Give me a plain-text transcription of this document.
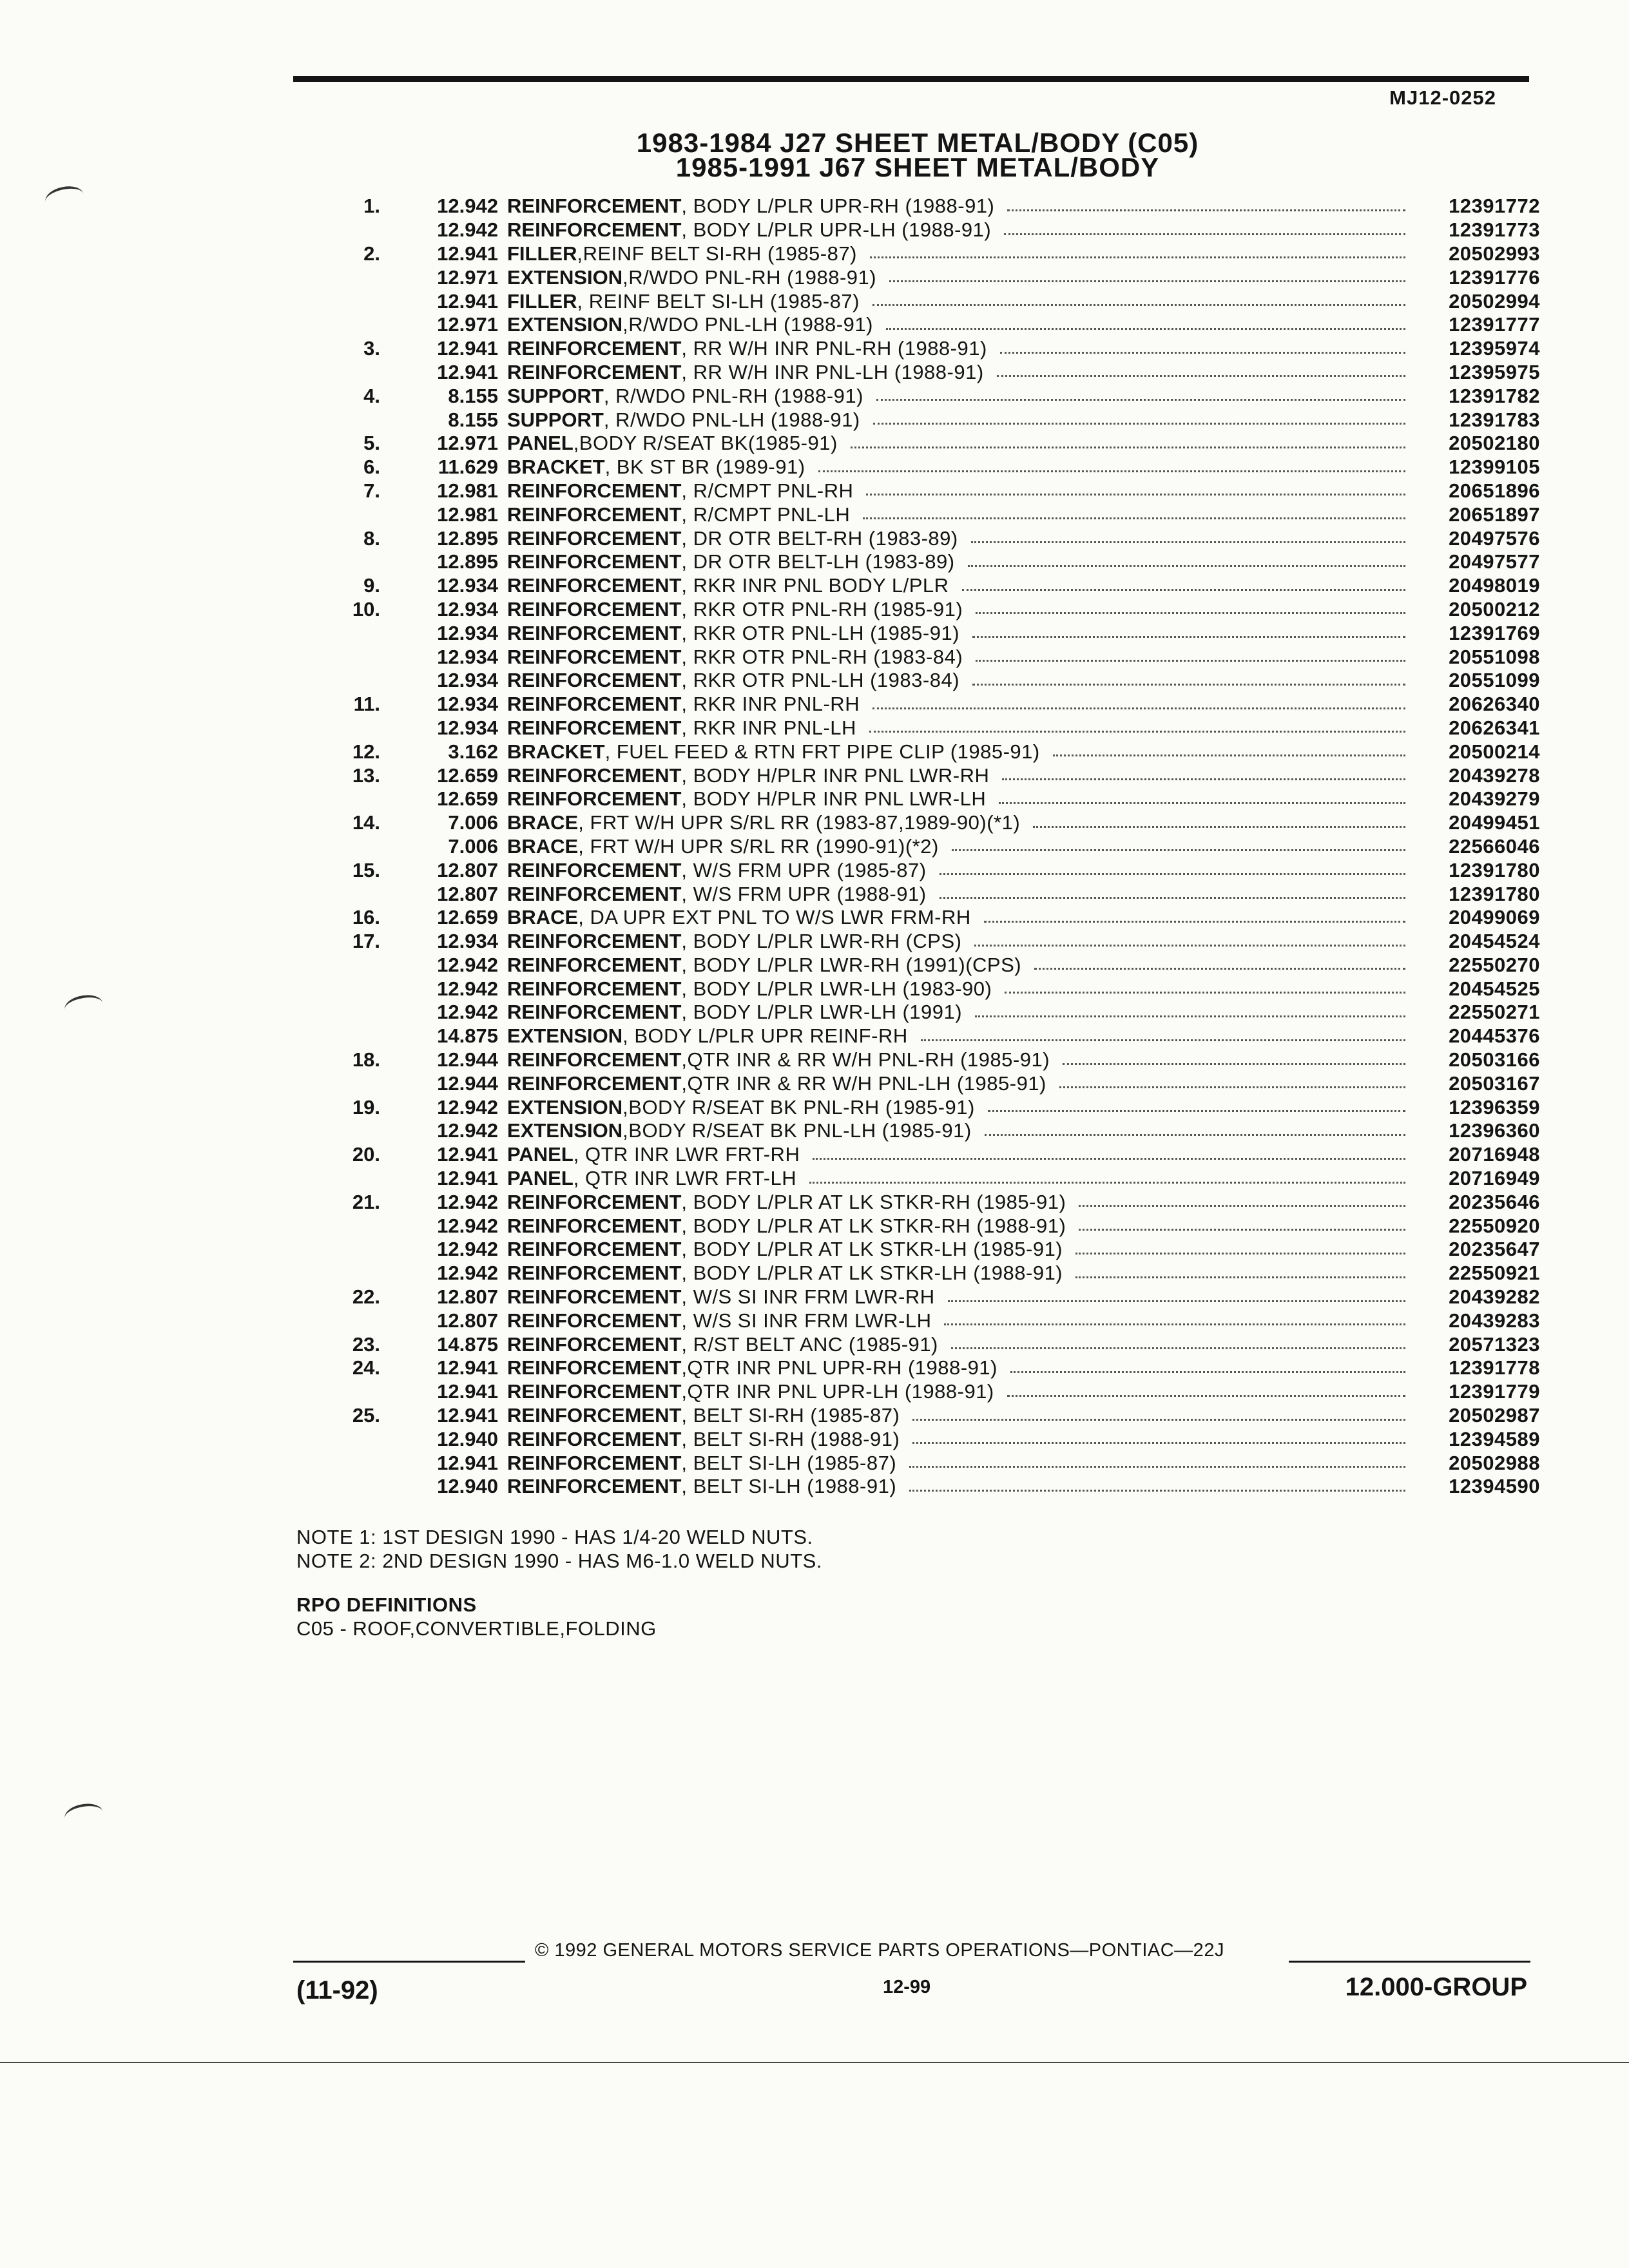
MJ12-0252
1983-1984 J27 SHEET METAL/BODY (C05)
1985-1991 J67 SHEET METAL/BODY
1.	12.942 REINFORCEMENT , BODY L/PLR UPR-RH (1988-91)	12391772
12.942 REINFORCEMENT , BODY L/PLR UPR-LH (1988-91)	12391773
2.	12.941 FILLER ,REINF BELT SI-RH (1985-87)	20502993
12.971 EXTENSION ,R/WDO PNL-RH (1988-91)	12391776
12.941 FILLER , REINF BELT SI-LH (1985-87)	20502994
12.971 EXTENSION ,R/WDO PNL-LH (1988-91)	12391777
3.	12.941 REINFORCEMENT , RR W/H INR PNL-RH (1988-91)	12395974
12.941 REINFORCEMENT , RR W/H INR PNL-LH (1988-91)	12395975
4.	8.155 SUPPORT , R/WDO PNL-RH (1988-91)	12391782
8.155 SUPPORT , R/WDO PNL-LH (1988-91)	12391783
5.	12.971 PANEL ,BODY R/SEAT BK(1985-91)	20502180
6.	11.629 BRACKET , BK ST BR (1989-91)	12399105
7.	12.981 REINFORCEMENT , R/CMPT PNL-RH	20651896
12.981 REINFORCEMENT , R/CMPT PNL-LH	20651897
8.	12.895 REINFORCEMENT , DR OTR BELT-RH (1983-89)	20497576
12.895 REINFORCEMENT , DR OTR BELT-LH (1983-89)	20497577
9.	12.934 REINFORCEMENT , RKR INR PNL BODY L/PLR	20498019
10.	12.934 REINFORCEMENT , RKR OTR PNL-RH (1985-91)	20500212
12.934 REINFORCEMENT , RKR OTR PNL-LH (1985-91)	12391769
12.934 REINFORCEMENT , RKR OTR PNL-RH (1983-84)	20551098
12.934 REINFORCEMENT , RKR OTR PNL-LH (1983-84)	20551099
11.	12.934 REINFORCEMENT , RKR INR PNL-RH	20626340
12.934 REINFORCEMENT , RKR INR PNL-LH	20626341
12.	3.162 BRACKET , FUEL FEED & RTN FRT PIPE CLIP (1985-91)	20500214
13.	12.659 REINFORCEMENT , BODY H/PLR INR PNL LWR-RH	20439278
12.659 REINFORCEMENT , BODY H/PLR INR PNL LWR-LH	20439279
14.	7.006 BRACE , FRT W/H UPR S/RL RR (1983-87,1989-90)(*1)	20499451
7.006 BRACE , FRT W/H UPR S/RL RR (1990-91)(*2)	22566046
15.	12.807 REINFORCEMENT , W/S FRM UPR (1985-87)	12391780
12.807 REINFORCEMENT , W/S FRM UPR (1988-91)	12391780
16.	12.659 BRACE , DA UPR EXT PNL TO W/S LWR FRM-RH	20499069
17.	12.934 REINFORCEMENT , BODY L/PLR LWR-RH (CPS)	20454524
12.942 REINFORCEMENT , BODY L/PLR LWR-RH (1991)(CPS)	22550270
12.942 REINFORCEMENT , BODY L/PLR LWR-LH (1983-90)	20454525
12.942 REINFORCEMENT , BODY L/PLR LWR-LH (1991)	22550271
14.875 EXTENSION , BODY L/PLR UPR REINF-RH	20445376
18.	12.944 REINFORCEMENT ,QTR INR & RR W/H PNL-RH (1985-91)	20503166
12.944 REINFORCEMENT ,QTR INR & RR W/H PNL-LH (1985-91)	20503167
19.	12.942 EXTENSION ,BODY R/SEAT BK PNL-RH (1985-91)	12396359
12.942 EXTENSION ,BODY R/SEAT BK PNL-LH (1985-91)	12396360
20.	12.941 PANEL , QTR INR LWR FRT-RH	20716948
12.941 PANEL , QTR INR LWR FRT-LH	20716949
21.	12.942 REINFORCEMENT , BODY L/PLR AT LK STKR-RH (1985-91)	20235646
12.942 REINFORCEMENT , BODY L/PLR AT LK STKR-RH (1988-91)	22550920
12.942 REINFORCEMENT , BODY L/PLR AT LK STKR-LH (1985-91)	20235647
12.942 REINFORCEMENT , BODY L/PLR AT LK STKR-LH (1988-91)	22550921
22.	12.807 REINFORCEMENT , W/S SI INR FRM LWR-RH	20439282
12.807 REINFORCEMENT , W/S SI INR FRM LWR-LH	20439283
23.	14.875 REINFORCEMENT , R/ST BELT ANC (1985-91)	20571323
24.	12.941 REINFORCEMENT ,QTR INR PNL UPR-RH (1988-91)	12391778
12.941 REINFORCEMENT ,QTR INR PNL UPR-LH (1988-91)	12391779
25.	12.941 REINFORCEMENT , BELT SI-RH (1985-87)	20502987
12.940 REINFORCEMENT , BELT SI-RH (1988-91)	12394589
12.941 REINFORCEMENT , BELT SI-LH (1985-87)	20502988
12.940 REINFORCEMENT , BELT SI-LH (1988-91)	12394590
NOTE 1: 1ST DESIGN 1990 - HAS 1/4-20 WELD NUTS.
NOTE 2: 2ND DESIGN 1990 - HAS M6-1.0 WELD NUTS.
RPO DEFINITIONS
C05 - ROOF,CONVERTIBLE,FOLDING
© 1992 GENERAL MOTORS SERVICE PARTS OPERATIONS—PONTIAC—22J
(11-92)	12-99	12.000-GROUP
